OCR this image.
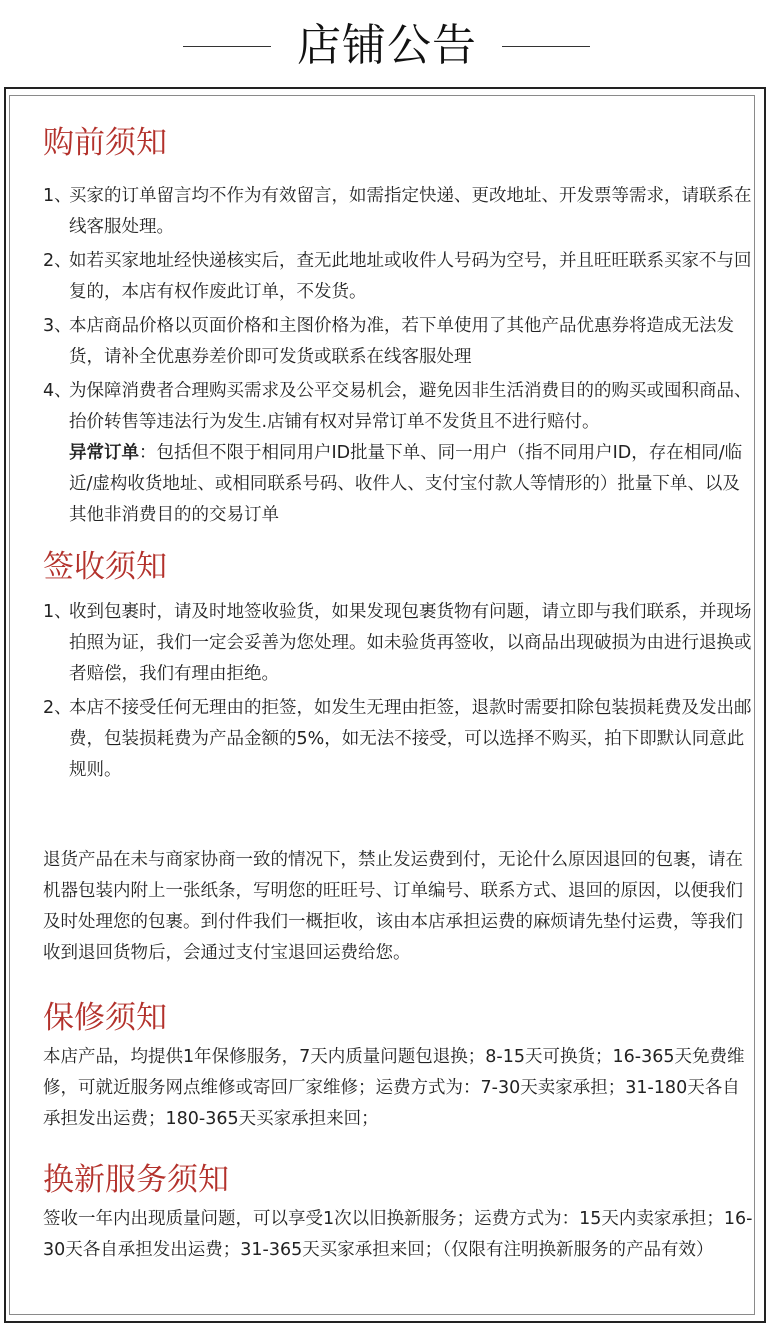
店铺公告
购前须知
1、
买家的订单留言均不作为有效留言，如需指定快递、更改地址、开发票等需求，请联系在线客服处理。
2、
如若买家地址经快递核实后，查无此地址或收件人号码为空号，并且旺旺联系买家不与回复的，本店有权作废此订单，不发货。
3、
本店商品价格以页面价格和主图价格为准，若下单使用了其他产品优惠券将造成无法发货，请补全优惠券差价即可发货或联系在线客服处理
4、
为保障消费者合理购买需求及公平交易机会，避免因非生活消费目的的购买或囤积商品、抬价转售等违法行为发生.店铺有权对异常订单不发货且不进行赔付。
异常订单：包括但不限于相同用户ID批量下单、同一用户（指不同用户ID，存在相同/临近/虚构收货地址、或相同联系号码、收件人、支付宝付款人等情形的）批量下单、以及其他非消费目的的交易订单
签收须知
1、
收到包裹时，请及时地签收验货，如果发现包裹货物有问题，请立即与我们联系，并现场拍照为证，我们一定会妥善为您处理。如未验货再签收，以商品出现破损为由进行退换或者赔偿，我们有理由拒绝。
2、
本店不接受任何无理由的拒签，如发生无理由拒签，退款时需要扣除包装损耗费及发出邮费，包装损耗费为产品金额的5%，如无法不接受，可以选择不购买，拍下即默认同意此规则。

退货产品在未与商家协商一致的情况下，禁止发运费到付，无论什么原因退回的包裹，请在机器包装内附上一张纸条，写明您的旺旺号、订单编号、联系方式、退回的原因，以便我们及时处理您的包裹。到付件我们一概拒收，该由本店承担运费的麻烦请先垫付运费，等我们收到退回货物后，会通过支付宝退回运费给您。

保修须知

本店产品，均提供1年保修服务，7天内质量问题包退换；8-15天可换货；16-365天免费维修，可就近服务网点维修或寄回厂家维修；运费方式为：7-30天卖家承担；31-180天各自承担发出运费；180-365天买家承担来回；

换新服务须知

签收一年内出现质量问题，可以享受1次以旧换新服务；运费方式为：15天内卖家承担；16-30天各自承担发出运费；31-365天买家承担来回；（仅限有注明换新服务的产品有效）
